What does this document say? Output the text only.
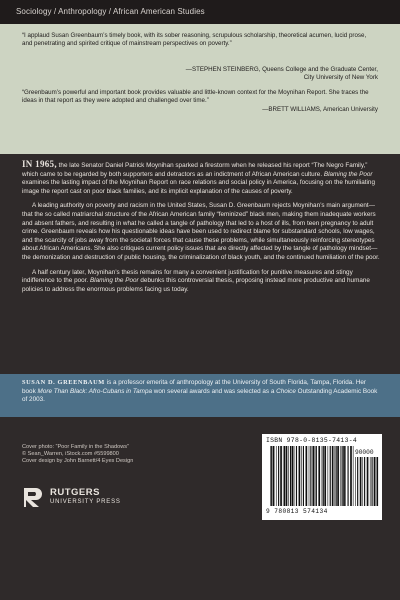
Sociology / Anthropology / African American Studies
“I applaud Susan Greenbaum’s timely book, with its sober reasoning, scrupulous scholarship, theoretical acumen, lucid prose, and penetrating and spirited critique of mainstream perspectives on poverty.”
—STEPHEN STEINBERG, Queens College and the Graduate Center,
City University of New York
“Greenbaum’s powerful and important book provides valuable and little-known context for the Moynihan Report. She traces the ideas in that report as they were adopted and challenged over time.”
—BRETT WILLIAMS, American University

IN 1965, the late Senator Daniel Patrick Moynihan sparked a firestorm when he released his report “The Negro Family,” which came to be regarded by both supporters and detractors as an indictment of African American culture. Blaming the Poor examines the lasting impact of the Moynihan Report on race relations and social policy in America, focusing on the humiliating image the report cast on poor black families, and its implicit explanation of the causes of poverty.

A leading authority on poverty and racism in the United States, Susan D. Greenbaum rejects Moynihan’s main argument—that the so called matriarchal structure of the African American family “feminized” black men, making them inadequate workers and absent fathers, and resulting in what he called a tangle of pathology that led to a host of ills, from teen pregnancy to adult crime. Greenbaum reveals how his questionable ideas have been used to redirect blame for substandard schools, low wages, and the scarcity of jobs away from the societal forces that cause these problems, while simultaneously reinforcing stereotypes about African Americans. She also critiques current policy issues that are directly affected by the tangle of pathology mindset—the demonization and destruction of public housing, the criminalization of black youth, and the continued humiliation of the poor.

A half century later, Moynihan’s thesis remains for many a convenient justification for punitive measures and stingy indifference to the poor. Blaming the Poor debunks this controversial thesis, proposing instead more productive and humane policies to address the enormous problems facing us today.

SUSAN D. GREENBAUM is a professor emerita of anthropology at the University of South Florida, Tampa, Florida. Her book More Than Black: Afro-Cubans in Tampa won several awards and was selected as a Choice Outstanding Academic Book of 2003.
Cover photo: “Poor Family in the Shadows”
© Sean_Warren, iStock.com #5599800
Cover design by John Barnett/4 Eyes Design
RUTGERS
UNIVERSITY PRESS
ISBN 978-0-8135-7413-4
90000
9 780813 574134
